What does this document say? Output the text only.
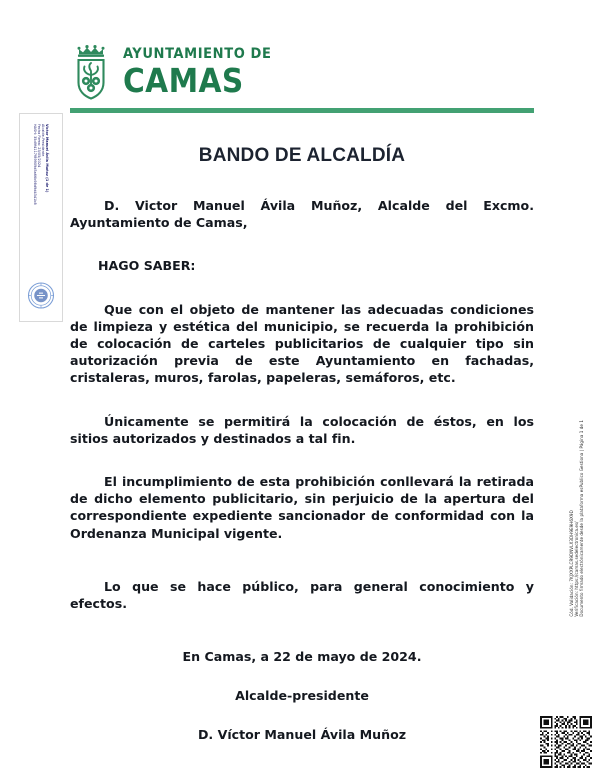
AYUNTAMIENTO DE
CAMAS
Víctor Manuel Ávila Muñoz (1 de 1)
Alcalde-Presidente
Fecha Firma: 23/05/2024
HASH: 35d9f4117f89909d5a66b98d9d4341b8	BANDO DE ALCALDÍA

D. Victor Manuel Ávila Muñoz, Alcalde del Excmo. Ayuntamiento de Camas,

HAGO SABER:

Que con el objeto de mantener las adecuadas condiciones de limpieza y estética del municipio, se recuerda la prohibición de colocación de carteles publicitarios de cualquier tipo sin autorización previa de este Ayuntamiento en fachadas, cristaleras, muros, farolas, papeleras, semáforos, etc.

Únicamente se permitirá la colocación de éstos, en los sitios autorizados y destinados a tal fin.

El incumplimiento de esta prohibición conllevará la retirada de dicho elemento publicitario, sin perjuicio de la apertura del correspondiente expediente sancionador de conformidad con la Ordenanza Municipal vigente.

Lo que se hace público, para general conocimiento y efectos.

En Camas, a 22 de mayo de 2024.
Alcalde-presidente
D. Víctor Manuel Ávila Muñoz
Cód. Validación: 7KJXXPLCR9DNVLX3DH9E9H6X9D Verificación: https://camas.sedelectronica.es/ Documento firmado electrónicamente desde la plataforma esPublico Gestiona | Página 1 de 1
